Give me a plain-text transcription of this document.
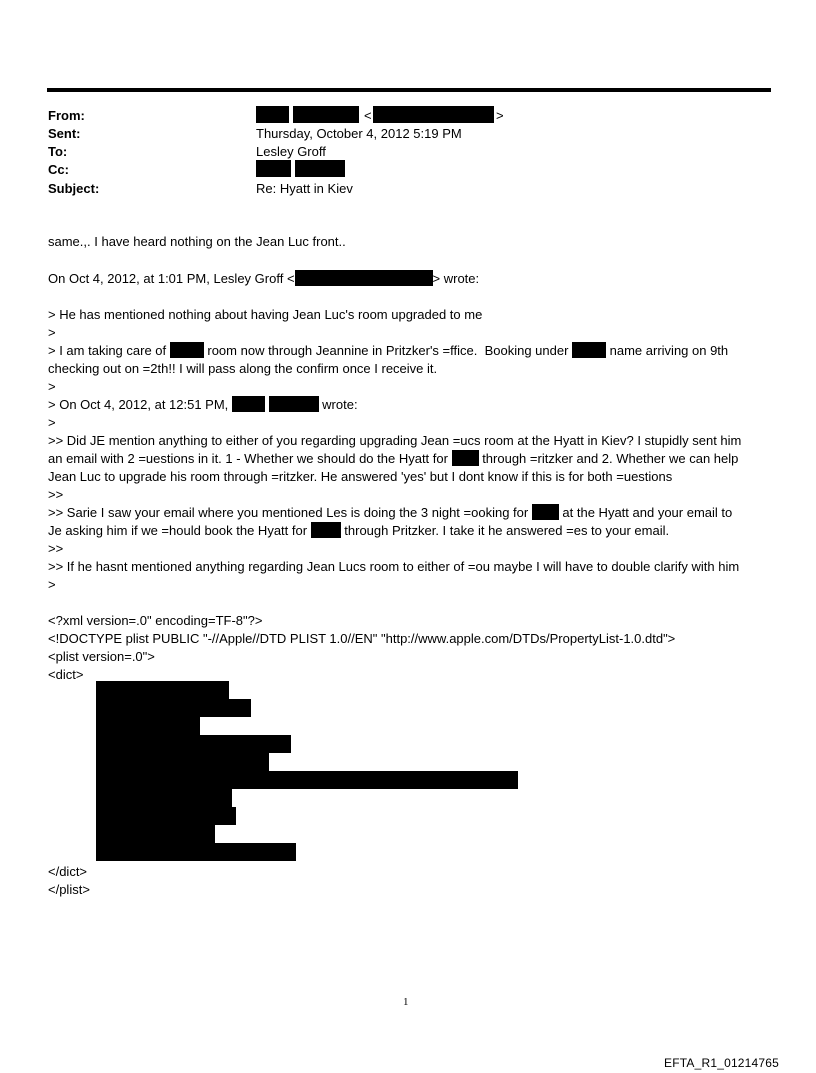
From:	<	>
Sent:	Thursday, October 4, 2012 5:19 PM
To:	Lesley Groff
Cc:
Subject:	Re: Hyatt in Kiev
same.,. I have heard nothing on the Jean Luc front..
On Oct 4, 2012, at 1:01 PM, Lesley Groff <	> wrote:
> He has mentioned nothing about having Jean Luc's room upgraded to me
>
> I am taking care of	room now through Jeannine in Pritzker's =ffice.  Booking under	name arriving on 9th
checking out on =2th!! I will pass along the confirm once I receive it.
>
> On Oct 4, 2012, at 12:51 PM,	wrote:
>
>> Did JE mention anything to either of you regarding upgrading Jean =ucs room at the Hyatt in Kiev? I stupidly sent him
an email with 2 =uestions in it. 1 - Whether we should do the Hyatt for  through =ritzker and 2. Whether we can help
Jean Luc to upgrade his room through =ritzker. He answered 'yes' but I dont know if this is for both =uestions
>>
>> Sarie I saw your email where you mentioned Les is doing the 3 night =ooking for  at the Hyatt and your email to
Je asking him if we =hould book the Hyatt for  through Pritzker. I take it he answered =es to your email.
>>
>> If he hasnt mentioned anything regarding Jean Lucs room to either of =ou maybe I will have to double clarify with him
>
<?xml version=.0" encoding=TF-8"?>
<!DOCTYPE plist PUBLIC "-//Apple//DTD PLIST 1.0//EN" "http://www.apple.com/DTDs/PropertyList-1.0.dtd">
<plist version=.0">
<dict>
</dict>
</plist>
1
EFTA_R1_01214765
